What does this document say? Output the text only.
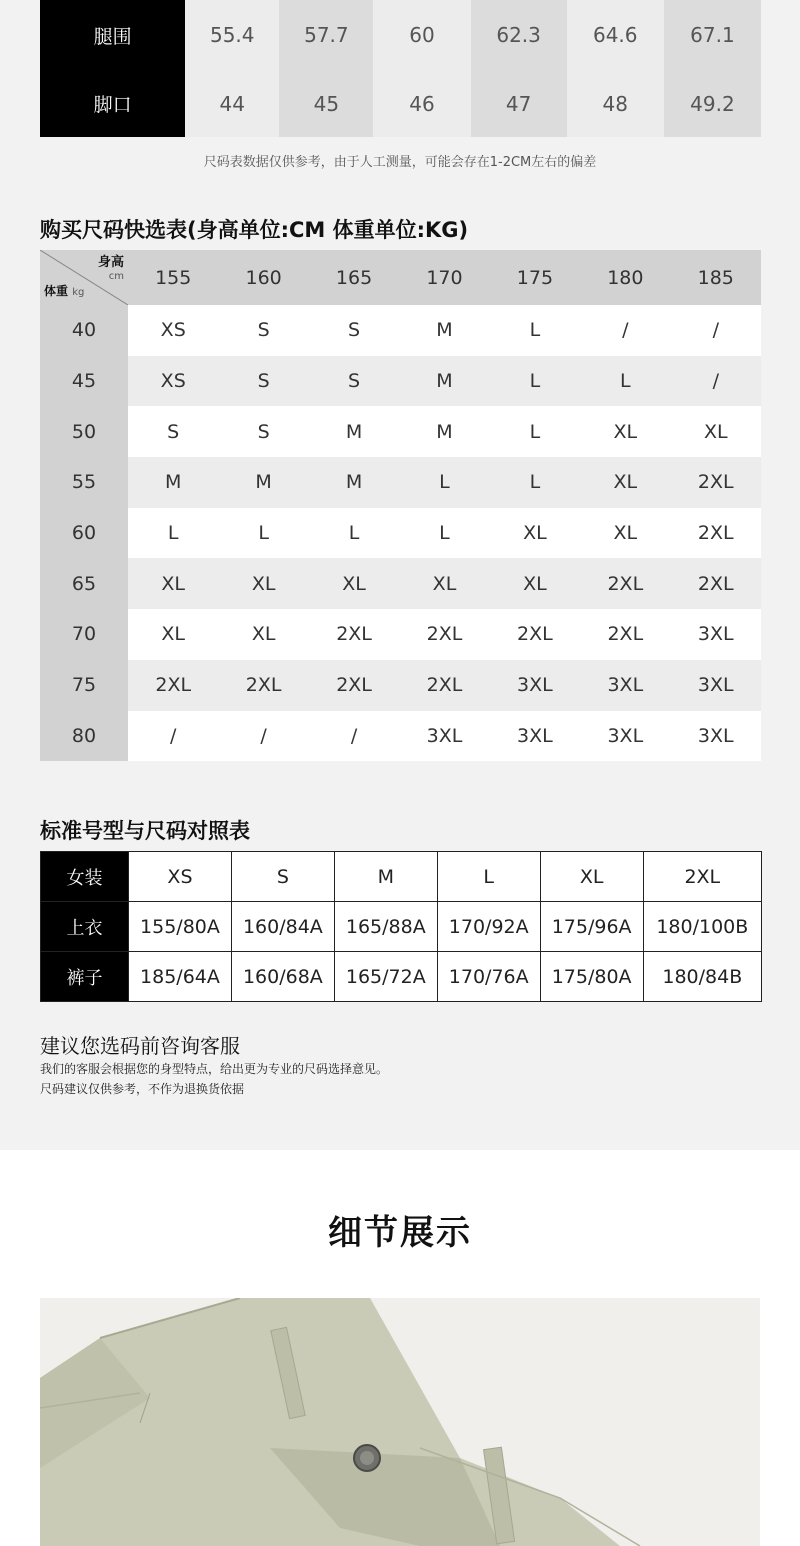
腿围	55.4	57.7	60	62.3	64.6	67.1
脚口	44	45	46	47	48	49.2
尺码表数据仅供参考，由于人工测量，可能会存在1-2CM左右的偏差
购买尺码快选表(身高单位:CM 体重单位:KG)
身高
cm
体重 kg	155	160	165	170	175	180	185
40	XS	S	S	M	L	/	/
45	XS	S	S	M	L	L	/
50	S	S	M	M	L	XL	XL
55	M	M	M	L	L	XL	2XL
60	L	L	L	L	XL	XL	2XL
65	XL	XL	XL	XL	XL	2XL	2XL
70	XL	XL	2XL	2XL	2XL	2XL	3XL
75	2XL	2XL	2XL	2XL	3XL	3XL	3XL
80	/	/	/	3XL	3XL	3XL	3XL
标准号型与尺码对照表
女装	XS	S	M	L	XL	2XL
上衣	155/80A	160/84A	165/88A	170/92A	175/96A	180/100B
裤子	185/64A	160/68A	165/72A	170/76A	175/80A	180/84B
建议您选码前咨询客服
我们的客服会根据您的身型特点，给出更为专业的尺码选择意见。
尺码建议仅供参考，不作为退换货依据
细节展示
